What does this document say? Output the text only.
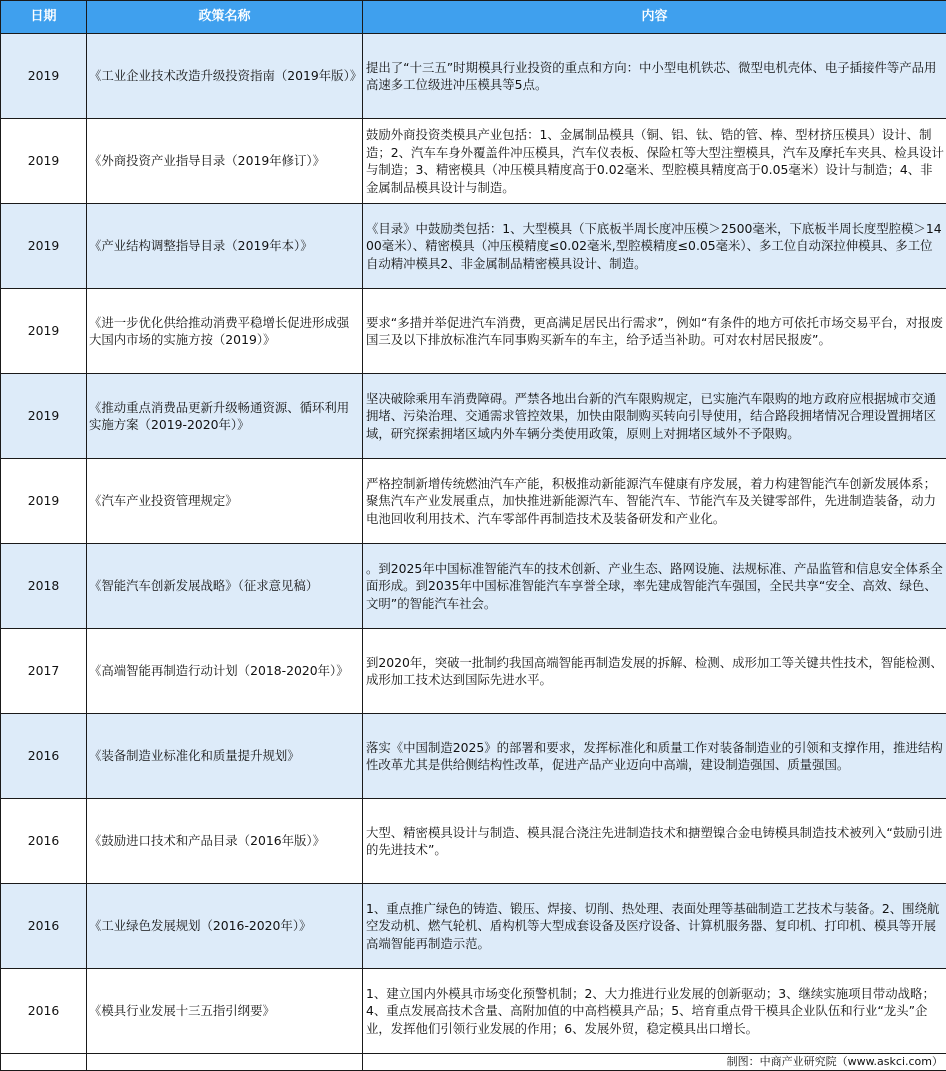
日期	政策名称	内容
2019	《工业企业技术改造升级投资指南（2019年版）》	提出了“十三五”时期模具行业投资的重点和方向：中小型电机铁芯、微型电机壳体、电子插接件等产品用高速多工位级进冲压模具等5点。
2019	《外商投资产业指导目录（2019年修订）》	鼓励外商投资类模具产业包括：1、金属制品模具（铜、铝、钛、锆的管、棒、型材挤压模具）设计、制造；2、汽车车身外覆盖件冲压模具，汽车仪表板、保险杠等大型注塑模具，汽车及摩托车夹具、检具设计与制造；3、精密模具（冲压模具精度高于0.02毫米、型腔模具精度高于0.05毫米）设计与制造；4、非金属制品模具设计与制造。
2019	《产业结构调整指导目录（2019年本）》	《目录》中鼓励类包括：1、大型模具（下底板半周长度冲压模＞2500毫米，下底板半周长度型腔模＞1400毫米）、精密模具（冲压模精度≤0.02毫米,型腔模精度≤0.05毫米）、多工位自动深拉伸模具、多工位自动精冲模具2、非金属制品精密模具设计、制造。
2019	《进一步优化供给推动消费平稳增长促进形成强大国内市场的实施方按（2019）》	要求“多措并举促进汽车消费，更高满足居民出行需求”，例如“有条件的地方可依托市场交易平台，对报废国三及以下排放标准汽车同事购买新车的车主，给予适当补助。可对农村居民报废”。
2019	《推动重点消费品更新升级畅通资源、循环利用实施方案（2019-2020年）》	坚决破除乘用车消费障碍。严禁各地出台新的汽车限购规定，已实施汽车限购的地方政府应根据城市交通拥堵、污染治理、交通需求管控效果，加快由限制购买转向引导使用，结合路段拥堵情况合理设置拥堵区域，研究探索拥堵区域内外车辆分类使用政策，原则上对拥堵区域外不予限购。
2019	《汽车产业投资管理规定》	严格控制新增传统燃油汽车产能，积极推动新能源汽车健康有序发展，着力构建智能汽车创新发展体系；聚焦汽车产业发展重点，加快推进新能源汽车、智能汽车、节能汽车及关键零部件，先进制造装备，动力电池回收利用技术、汽车零部件再制造技术及装备研发和产业化。
2018	《智能汽车创新发展战略》（征求意见稿）	。到2025年中国标准智能汽车的技术创新、产业生态、路网设施、法规标准、产品监管和信息安全体系全面形成。到2035年中国标准智能汽车享誉全球，率先建成智能汽车强国，全民共享“安全、高效、绿色、文明”的智能汽车社会。
2017	《高端智能再制造行动计划（2018-2020年）》	到2020年，突破一批制约我国高端智能再制造发展的拆解、检测、成形加工等关键共性技术，智能检测、成形加工技术达到国际先进水平。
2016	《装备制造业标准化和质量提升规划》	落实《中国制造2025》的部署和要求，发挥标准化和质量工作对装备制造业的引领和支撑作用，推进结构性改革尤其是供给侧结构性改革，促进产品产业迈向中高端，建设制造强国、质量强国。
2016	《鼓励进口技术和产品目录（2016年版）》	大型、精密模具设计与制造、模具混合浇注先进制造技术和搪塑镍合金电铸模具制造技术被列入“鼓励引进的先进技术”。
2016	《工业绿色发展规划（2016-2020年）》	1、重点推广绿色的铸造、锻压、焊接、切削、热处理、表面处理等基础制造工艺技术与装备。2、围绕航空发动机、燃气轮机、盾构机等大型成套设备及医疗设备、计算机服务器、复印机、打印机、模具等开展高端智能再制造示范。
2016	《模具行业发展十三五指引纲要》	1、建立国内外模具市场变化预警机制；2、大力推进行业发展的创新驱动；3、继续实施项目带动战略；4、重点发展高技术含量、高附加值的中高档模具产品；5、培育重点骨干模具企业队伍和行业“龙头”企业，发挥他们引领行业发展的作用；6、发展外贸，稳定模具出口增长。
		制图：中商产业研究院（www.askci.com）
